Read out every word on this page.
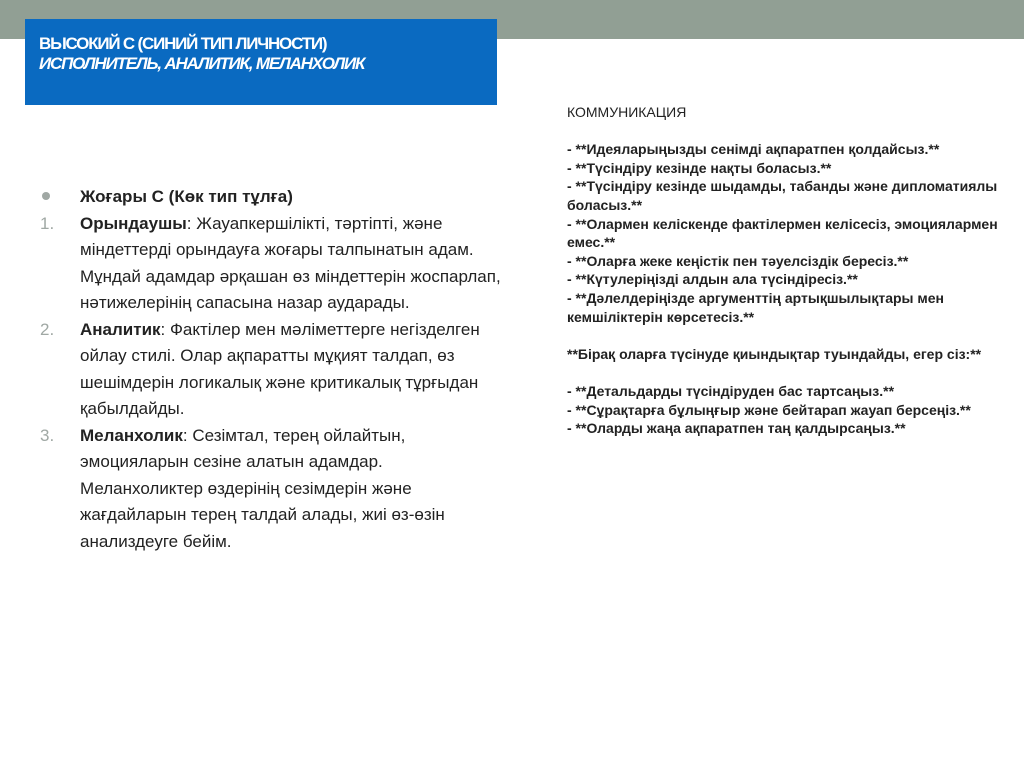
ВЫСОКИЙ С (СИНИЙ ТИП ЛИЧНОСТИ)
ИСПОЛНИТЕЛЬ, АНАЛИТИК, МЕЛАНХОЛИК
Жоғары С (Көк тип тұлға)
1.	Орындаушы: Жауапкершілікті, тәртіпті, және міндеттерді орындауға жоғары талпынатын адам. Мұндай адамдар әрқашан өз міндеттерін жоспарлап, нәтижелерінің сапасына назар аударады.
2.	Аналитик: Фактілер мен мәліметтерге негізделген ойлау стилі. Олар ақпаратты мұқият талдап, өз шешімдерін логикалық және критикалық тұрғыдан қабылдайды.
3.	Меланхолик: Сезімтал, терең ойлайтын, эмоцияларын сезіне алатын адамдар. Меланхоликтер өздерінің сезімдерін және жағдайларын терең талдай алады, жиі өз-өзін анализдеуге бейім.

КОММУНИКАЦИЯ

- **Идеяларыңызды сенімді ақпаратпен қолдайсыз.**

- **Түсіндіру кезінде нақты боласыз.**

- **Түсіндіру кезінде шыдамды, табанды және дипломатиялы боласыз.**

- **Олармен келіскенде фактілермен келісесіз, эмоциялармен емес.**

- **Оларға жеке кеңістік пен тәуелсіздік бересіз.**

- **Күтулеріңізді алдын ала түсіндіресіз.**

- **Дәлелдеріңізде аргументтің артықшылықтары мен кемшіліктерін көрсетесіз.**

**Бірақ оларға түсінуде қиындықтар туындайды, егер сіз:**

- **Детальдарды түсіндіруден бас тартсаңыз.**

- **Сұрақтарға бұлыңғыр және бейтарап жауап берсеңіз.**

- **Оларды жаңа ақпаратпен таң қалдырсаңыз.**
